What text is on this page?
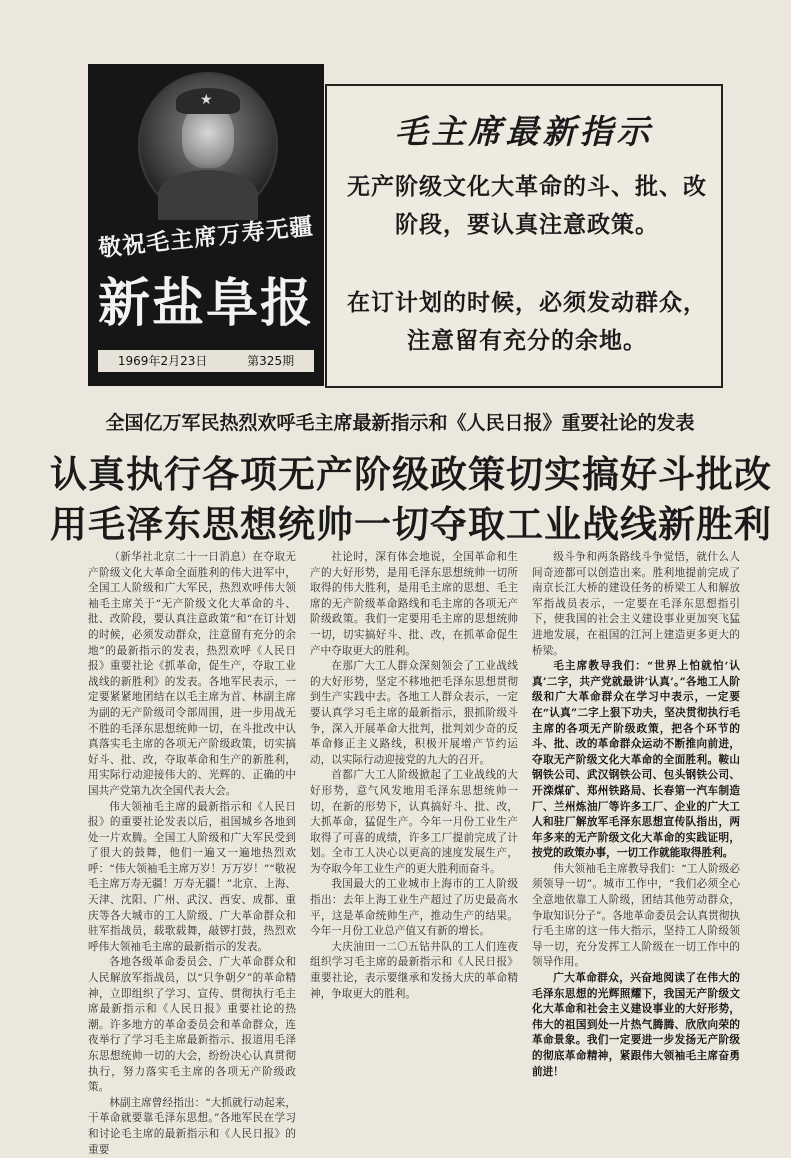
★
敬祝毛主席万寿无疆
新盐阜报
1969年2月23日	第325期
毛主席最新指示
无产阶级文化大革命的斗、批、改阶段，要认真注意政策。
在订计划的时候，必须发动群众，注意留有充分的余地。
全国亿万军民热烈欢呼毛主席最新指示和《人民日报》重要社论的发表
认真执行各项无产阶级政策切实搞好斗批改
用毛泽东思想统帅一切夺取工业战线新胜利

（新华社北京二十一日消息）在夺取无产阶级文化大革命全面胜利的伟大进军中，全国工人阶级和广大军民，热烈欢呼伟大领袖毛主席关于“无产阶级文化大革命的斗、批、改阶段，要认真注意政策”和“在订计划的时候，必须发动群众，注意留有充分的余地”的最新指示的发表，热烈欢呼《人民日报》重要社论《抓革命，促生产，夺取工业战线的新胜利》的发表。各地军民表示，一定要紧紧地团结在以毛主席为首、林副主席为副的无产阶级司令部周围，进一步用战无不胜的毛泽东思想统帅一切，在斗批改中认真落实毛主席的各项无产阶级政策，切实搞好斗、批、改，夺取革命和生产的新胜利，用实际行动迎接伟大的、光辉的、正确的中国共产党第九次全国代表大会。

伟大领袖毛主席的最新指示和《人民日报》的重要社论发表以后，祖国城乡各地到处一片欢腾。全国工人阶级和广大军民受到了很大的鼓舞，他们一遍又一遍地热烈欢呼：“伟大领袖毛主席万岁！万万岁！”“敬祝毛主席万寿无疆！万寿无疆！”北京、上海、天津、沈阳、广州、武汉、西安、成都、重庆等各大城市的工人阶级、广大革命群众和驻军指战员，载歌载舞，敲锣打鼓，热烈欢呼伟大领袖毛主席的最新指示的发表。

各地各级革命委员会、广大革命群众和人民解放军指战员，以“只争朝夕”的革命精神，立即组织了学习、宣传、贯彻执行毛主席最新指示和《人民日报》重要社论的热潮。许多地方的革命委员会和革命群众，连夜举行了学习毛主席最新指示、报道用毛泽东思想统帅一切的大会，纷纷决心认真贯彻执行，努力落实毛主席的各项无产阶级政策。

林副主席曾经指出：“大抓就行动起来，干革命就要靠毛泽东思想。”各地军民在学习和讨论毛主席的最新指示和《人民日报》的重要

社论时，深有体会地说，全国革命和生产的大好形势，是用毛泽东思想统帅一切所取得的伟大胜利，是用毛主席的思想、毛主席的无产阶级革命路线和毛主席的各项无产阶级政策。我们一定要用毛主席的思想统帅一切，切实搞好斗、批、改，在抓革命促生产中夺取更大的胜利。

在那广大工人群众深刻领会了工业战线的大好形势，坚定不移地把毛泽东思想贯彻到生产实践中去。各地工人群众表示，一定要认真学习毛主席的最新指示，狠抓阶级斗争，深入开展革命大批判，批判刘少奇的反革命修正主义路线，积极开展增产节约运动，以实际行动迎接党的九大的召开。

首都广大工人阶级掀起了工业战线的大好形势，意气风发地用毛泽东思想统帅一切，在新的形势下，认真搞好斗、批、改，大抓革命，猛促生产。今年一月份工业生产取得了可喜的成绩，许多工厂提前完成了计划。全市工人决心以更高的速度发展生产，为夺取今年工业生产的更大胜利而奋斗。

我国最大的工业城市上海市的工人阶级指出：去年上海工业生产超过了历史最高水平，这是革命统帅生产，推动生产的结果。今年一月份工业总产值又有新的增长。

大庆油田一二〇五钻井队的工人们连夜组织学习毛主席的最新指示和《人民日报》重要社论，表示要继承和发扬大庆的革命精神，争取更大的胜利。

级斗争和两条路线斗争觉悟，就什么人间奇迹都可以创造出来。胜利地提前完成了南京长江大桥的建设任务的桥梁工人和解放军指战员表示，一定要在毛泽东思想指引下，使我国的社会主义建设事业更加突飞猛进地发展，在祖国的江河上建造更多更大的桥梁。

毛主席教导我们：“世界上怕就怕‘认真’二字，共产党就最讲‘认真’。”各地工人阶级和广大革命群众在学习中表示，一定要在“认真”二字上狠下功夫，坚决贯彻执行毛主席的各项无产阶级政策，把各个环节的斗、批、改的革命群众运动不断推向前进，夺取无产阶级文化大革命的全面胜利。鞍山钢铁公司、武汉钢铁公司、包头钢铁公司、开滦煤矿、郑州铁路局、长春第一汽车制造厂、兰州炼油厂等许多工厂、企业的广大工人和驻厂解放军毛泽东思想宣传队指出，两年多来的无产阶级文化大革命的实践证明，按党的政策办事，一切工作就能取得胜利。

伟大领袖毛主席教导我们：“工人阶级必须领导一切”。城市工作中，“我们必须全心全意地依靠工人阶级，团结其他劳动群众，争取知识分子”。各地革命委员会认真贯彻执行毛主席的这一伟大指示，坚持工人阶级领导一切，充分发挥工人阶级在一切工作中的领导作用。

广大革命群众，兴奋地阅读了在伟大的毛泽东思想的光辉照耀下，我国无产阶级文化大革命和社会主义建设事业的大好形势，伟大的祖国到处一片热气腾腾、欣欣向荣的革命景象。我们一定要进一步发扬无产阶级的彻底革命精神，紧跟伟大领袖毛主席奋勇前进！
